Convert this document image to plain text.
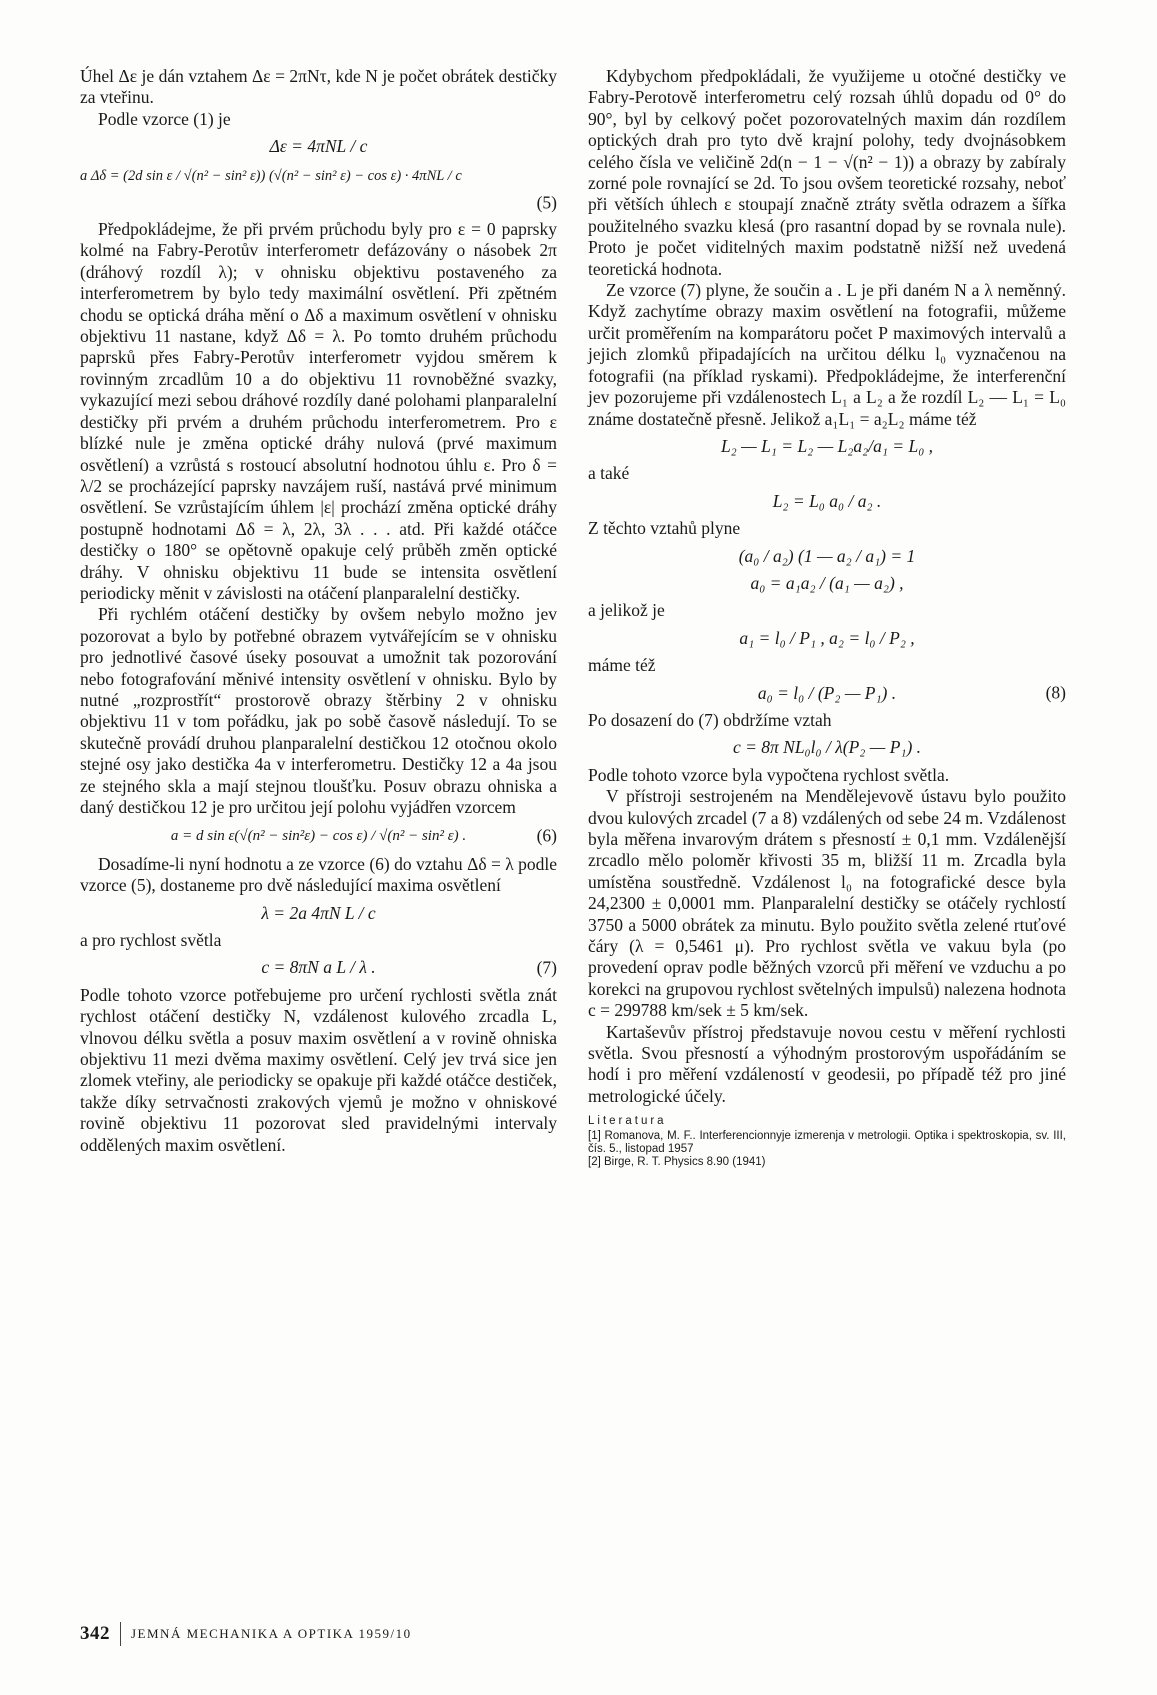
Úhel Δε je dán vztahem Δε = 2πNτ, kde N je počet obrátek destičky za vteřinu.

Podle vzorce (1) je

Δε = 4πNL / c
a Δδ = (2d sin ε / √(n² − sin² ε)) (√(n² − sin² ε) − cos ε) · 4πNL / c
(5)

Předpokládejme, že při prvém průchodu byly pro ε = 0 paprsky kolmé na Fabry-Perotův interferometr defázovány o násobek 2π (dráhový rozdíl λ); v ohnisku objektivu postaveného za interferometrem by bylo tedy maximální osvětlení. Při zpětném chodu se optická dráha mění o Δδ a maximum osvětlení v ohnisku objektivu 11 nastane, když Δδ = λ. Po tomto druhém průchodu paprsků přes Fabry-Perotův interferometr vyjdou směrem k rovinným zrcadlům 10 a do objektivu 11 rovnoběžné svazky, vykazující mezi sebou dráhové rozdíly dané polohami planparalelní destičky při prvém a druhém průchodu interferometrem. Pro ε blízké nule je změna optické dráhy nulová (prvé maximum osvětlení) a vzrůstá s rostoucí absolutní hodnotou úhlu ε. Pro δ = λ/2 se procházející paprsky navzájem ruší, nastává prvé minimum osvětlení. Se vzrůstajícím úhlem |ε| prochází změna optické dráhy postupně hodnotami Δδ = λ, 2λ, 3λ . . . atd. Při každé otáčce destičky o 180° se opětovně opakuje celý průběh změn optické dráhy. V ohnisku objektivu 11 bude se intensita osvětlení periodicky měnit v závislosti na otáčení planparalelní destičky.

Při rychlém otáčení destičky by ovšem nebylo možno jev pozorovat a bylo by potřebné obrazem vytvářejícím se v ohnisku pro jednotlivé časové úseky posouvat a umožnit tak pozorování nebo fotografování měnivé intensity osvětlení v ohnisku. Bylo by nutné „rozprostřít“ prostorově obrazy štěrbiny 2 v ohnisku objektivu 11 v tom pořádku, jak po sobě časově následují. To se skutečně provádí druhou planparalelní destičkou 12 otočnou okolo stejné osy jako destička 4a v interferometru. Destičky 12 a 4a jsou ze stejného skla a mají stejnou tloušťku. Posuv obrazu ohniska a daný destičkou 12 je pro určitou její polohu vyjádřen vzorcem

a = d sin ε(√(n² − sin²ε) − cos ε) / √(n² − sin² ε) .	(6)

Dosadíme-li nyní hodnotu a ze vzorce (6) do vztahu Δδ = λ podle vzorce (5), dostaneme pro dvě následující maxima osvětlení

λ = 2a 4πN L / c

a pro rychlost světla

c = 8πN a L / λ .	(7)

Podle tohoto vzorce potřebujeme pro určení rychlosti světla znát rychlost otáčení destičky N, vzdálenost kulového zrcadla L, vlnovou délku světla a posuv maxim osvětlení a v rovině ohniska objektivu 11 mezi dvěma maximy osvětlení. Celý jev trvá sice jen zlomek vteřiny, ale periodicky se opakuje při každé otáčce destiček, takže díky setrvačnosti zrakových vjemů je možno v ohniskové rovině objektivu 11 pozorovat sled pravidelnými intervaly oddělených maxim osvětlení.

Kdybychom předpokládali, že využijeme u otočné destičky ve Fabry-Perotově interferometru celý rozsah úhlů dopadu od 0° do 90°, byl by celkový počet pozorovatelných maxim dán rozdílem optických drah pro tyto dvě krajní polohy, tedy dvojnásobkem celého čísla ve veličině 2d(n − 1 − √(n² − 1)) a obrazy by zabíraly zorné pole rovnající se 2d. To jsou ovšem teoretické rozsahy, neboť při větších úhlech ε stoupají značně ztráty světla odrazem a šířka použitelného svazku klesá (pro rasantní dopad by se rovnala nule). Proto je počet viditelných maxim podstatně nižší než uvedená teoretická hodnota.

Ze vzorce (7) plyne, že součin a . L je při daném N a λ neměnný. Když zachytíme obrazy maxim osvětlení na fotografii, můžeme určit proměřením na komparátoru počet P maximových intervalů a jejich zlomků připadajících na určitou délku l₀ vyznačenou na fotografii (na příklad ryskami). Předpokládejme, že interferenční jev pozorujeme při vzdálenostech L₁ a L₂ a že rozdíl L₂ — L₁ = L₀ známe dostatečně přesně. Jelikož a₁L₁ = a₂L₂ máme též

L₂ — L₁ = L₂ — L₂a₂/a₁ = L₀ ,

a také

L₂ = L₀ a₀ / a₂ .

Z těchto vztahů plyne

(a₀ / a₂) (1 — a₂ / a₁) = 1
a₀ = a₁a₂ / (a₁ — a₂) ,

a jelikož je

a₁ = l₀ / P₁ , a₂ = l₀ / P₂ ,

máme též

a₀ = l₀ / (P₂ — P₁) .	(8)

Po dosazení do (7) obdržíme vztah

c = 8π NL₀l₀ / λ(P₂ — P₁) .

Podle tohoto vzorce byla vypočtena rychlost světla.

V přístroji sestrojeném na Mendělejevově ústavu bylo použito dvou kulových zrcadel (7 a 8) vzdálených od sebe 24 m. Vzdálenost byla měřena invarovým drátem s přesností ± 0,1 mm. Vzdálenější zrcadlo mělo poloměr křivosti 35 m, bližší 11 m. Zrcadla byla umístěna soustředně. Vzdálenost l₀ na fotografické desce byla 24,2300 ± 0,0001 mm. Planparalelní destičky se otáčely rychlostí 3750 a 5000 obrátek za minutu. Bylo použito světla zelené rtuťové čáry (λ = 0,5461 μ). Pro rychlost světla ve vakuu byla (po provedení oprav podle běžných vzorců při měření ve vzduchu a po korekci na grupovou rychlost světelných impulsů) nalezena hodnota c = 299788 km/sek ± 5 km/sek.

Kartaševův přístroj představuje novou cestu v měření rychlosti světla. Svou přesností a výhodným prostorovým uspořádáním se hodí i pro měření vzdáleností v geodesii, po případě též pro jiné metrologické účely.

Literatura

[1] Romanova, M. F.. Interferencionnyje izmerenja v metrologii. Optika i spektroskopia, sv. III, čís. 5., listopad 1957

[2] Birge, R. T. Physics 8.90 (1941)

342 JEMNÁ MECHANIKA A OPTIKA 1959/10
